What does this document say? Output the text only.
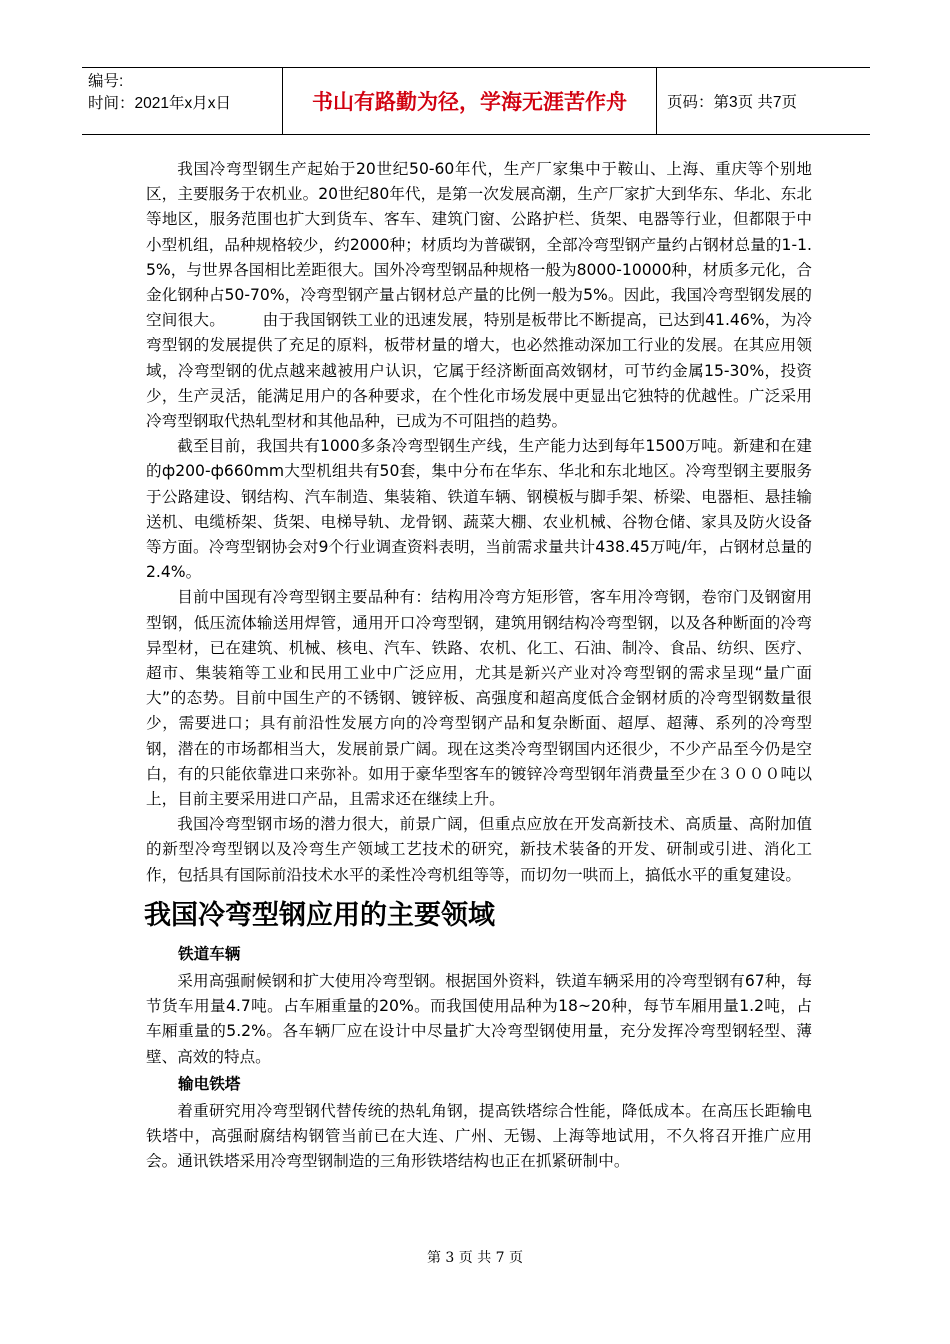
编号:
时间：2021年x月x日	书山有路勤为径，学海无涯苦作舟	页码：第3页 共7页

我国冷弯型钢生产起始于20世纪50-60年代，生产厂家集中于鞍山、上海、重庆等个别地区，主要服务于农机业。20世纪80年代，是第一次发展高潮，生产厂家扩大到华东、华北、东北等地区，服务范围也扩大到货车、客车、建筑门窗、公路护栏、货架、电器等行业，但都限于中小型机组，品种规格较少，约2000种；材质均为普碳钢，全部冷弯型钢产量约占钢材总量的1-1.5%，与世界各国相比差距很大。国外冷弯型钢品种规格一般为8000-10000种，材质多元化，合金化钢种占50-70%，冷弯型钢产量占钢材总产量的比例一般为5%。因此，我国冷弯型钢发展的空间很大。 由于我国钢铁工业的迅速发展，特别是板带比不断提高，已达到41.46%，为冷弯型钢的发展提供了充足的原料，板带材量的增大，也必然推动深加工行业的发展。在其应用领域，冷弯型钢的优点越来越被用户认识，它属于经济断面高效钢材，可节约金属15-30%，投资少，生产灵活，能满足用户的各种要求，在个性化市场发展中更显出它独特的优越性。广泛采用冷弯型钢取代热轧型材和其他品种，已成为不可阻挡的趋势。

截至目前，我国共有1000多条冷弯型钢生产线，生产能力达到每年1500万吨。新建和在建的ф200-ф660mm大型机组共有50套，集中分布在华东、华北和东北地区。冷弯型钢主要服务于公路建设、钢结构、汽车制造、集装箱、铁道车辆、钢模板与脚手架、桥梁、电器柜、悬挂输送机、电缆桥架、货架、电梯导轨、龙骨钢、蔬菜大棚、农业机械、谷物仓储、家具及防火设备等方面。冷弯型钢协会对9个行业调查资料表明，当前需求量共计438.45万吨/年，占钢材总量的2.4%。

目前中国现有冷弯型钢主要品种有：结构用冷弯方矩形管，客车用冷弯钢，卷帘门及钢窗用型钢，低压流体输送用焊管，通用开口冷弯型钢，建筑用钢结构冷弯型钢，以及各种断面的冷弯异型材，已在建筑、机械、核电、汽车、铁路、农机、化工、石油、制冷、食品、纺织、医疗、超市、集装箱等工业和民用工业中广泛应用，尤其是新兴产业对冷弯型钢的需求呈现“量广面大”的态势。目前中国生产的不锈钢、镀锌板、高强度和超高度低合金钢材质的冷弯型钢数量很少，需要进口；具有前沿性发展方向的冷弯型钢产品和复杂断面、超厚、超薄、系列的冷弯型钢，潜在的市场都相当大，发展前景广阔。现在这类冷弯型钢国内还很少，不少产品至今仍是空白，有的只能依靠进口来弥补。如用于豪华型客车的镀锌冷弯型钢年消费量至少在３０００吨以上，目前主要采用进口产品，且需求还在继续上升。

我国冷弯型钢市场的潜力很大，前景广阔，但重点应放在开发高新技术、高质量、高附加值的新型冷弯型钢以及冷弯生产领域工艺技术的研究，新技术装备的开发、研制或引进、消化工作，包括具有国际前沿技术水平的柔性冷弯机组等等，而切勿一哄而上，搞低水平的重复建设。

我国冷弯型钢应用的主要领域
铁道车辆

采用高强耐候钢和扩大使用冷弯型钢。根据国外资料，铁道车辆采用的冷弯型钢有67种，每节货车用量4.7吨。占车厢重量的20%。而我国使用品种为18~20种，每节车厢用量1.2吨，占车厢重量的5.2%。各车辆厂应在设计中尽量扩大冷弯型钢使用量，充分发挥冷弯型钢轻型、薄壁、高效的特点。

输电铁塔

着重研究用冷弯型钢代替传统的热轧角钢，提高铁塔综合性能，降低成本。在高压长距输电铁塔中，高强耐腐结构钢管当前已在大连、广州、无锡、上海等地试用，不久将召开推广应用会。通讯铁塔采用冷弯型钢制造的三角形铁塔结构也正在抓紧研制中。

第 3 页 共 7 页
